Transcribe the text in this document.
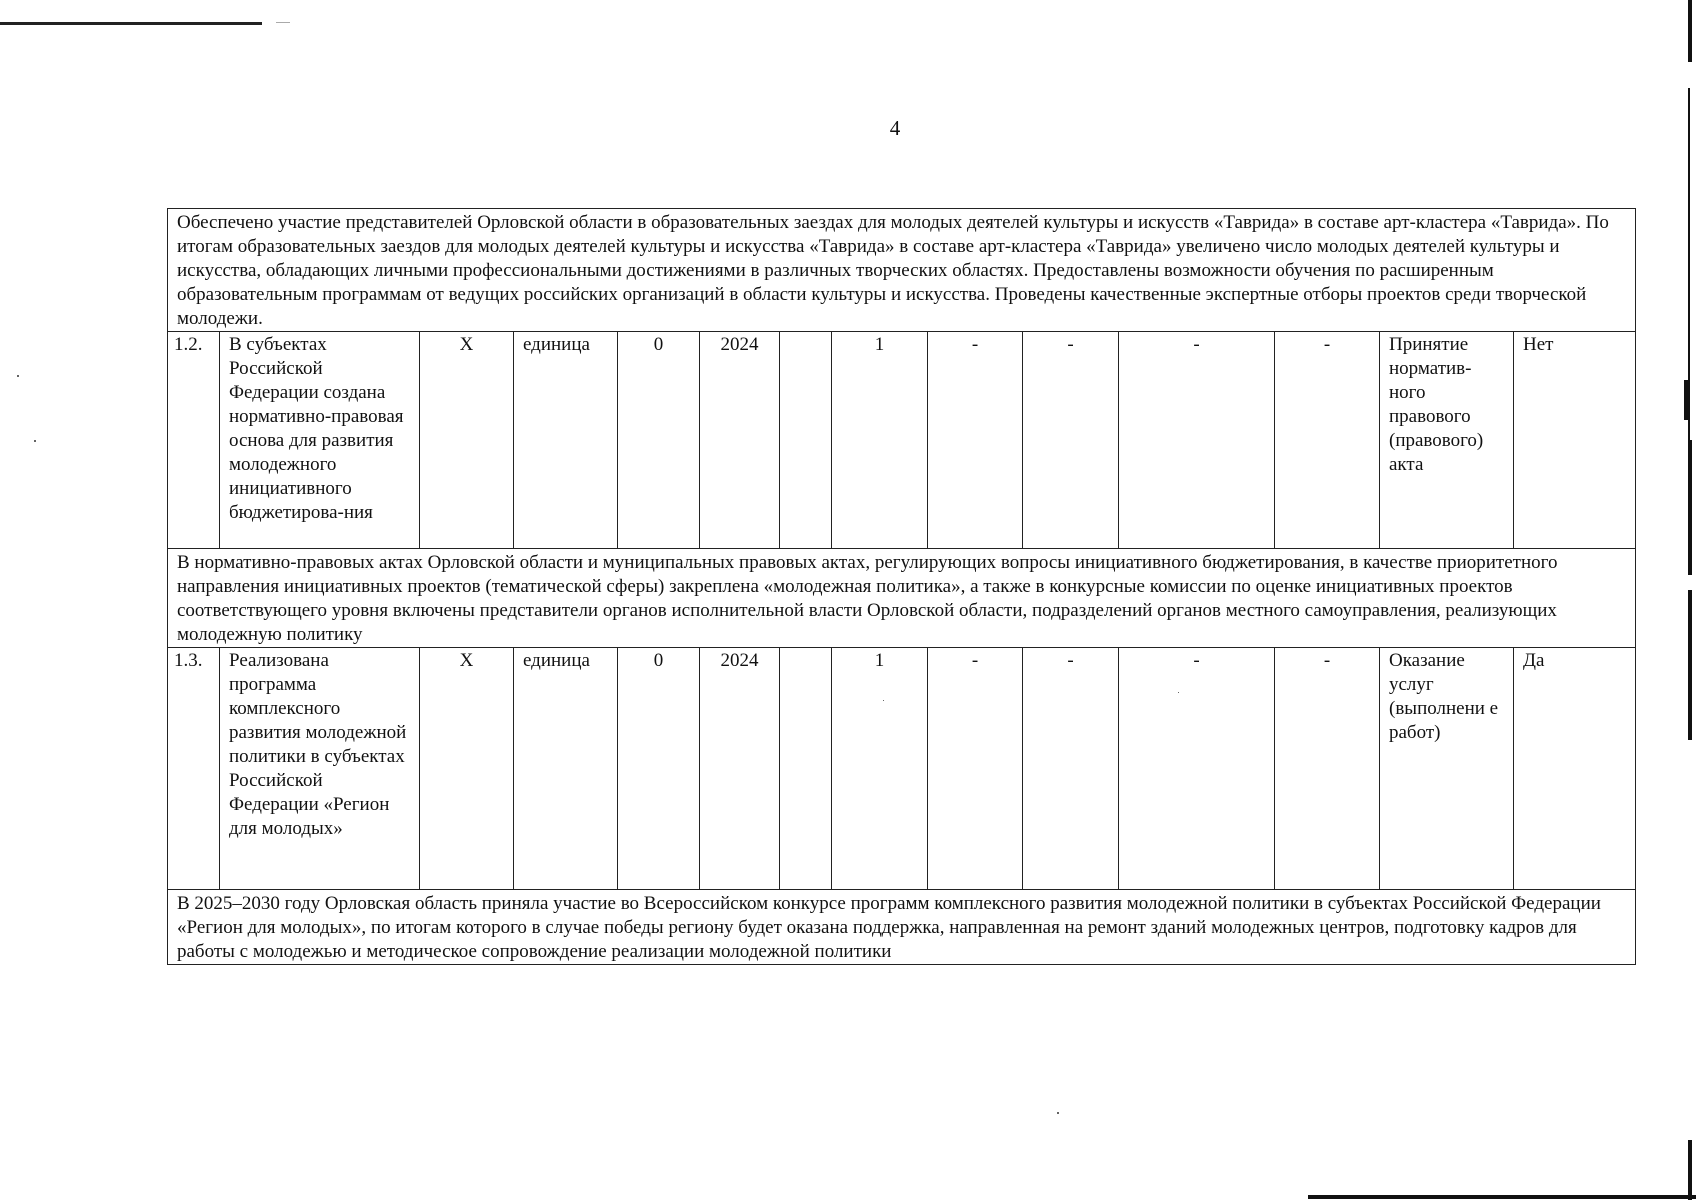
4
Обеспечено участие представителей Орловской области в образовательных заездах для молодых деятелей культуры и искусств «Таврида» в составе арт-кластера «Таврида». По итогам образовательных заездов для молодых деятелей культуры и искусства «Таврида» в составе арт-кластера «Таврида» увеличено число молодых деятелей культуры и искусства, обладающих личными профессиональными достижениями в различных творческих областях. Предоставлены возможности обучения по расширенным образовательным программам от ведущих российских организаций в области культуры и искусства. Проведены качественные экспертные отборы проектов среди творческой молодежи.													
1.2.	В субъектах Российской Федерации создана нормативно-правовая основа для развития молодежного инициативного бюджетирова-ния	X	единица	0	2024		1	-	-	-	-	Принятие норматив-ного правового (правового) акта	Нет
В нормативно-правовых актах Орловской области и муниципальных правовых актах, регулирующих вопросы инициативного бюджетирования, в качестве приоритетного направления инициативных проектов (тематической сферы) закреплена «молодежная политика», а также в конкурсные комиссии по оценке инициативных проектов соответствующего уровня включены представители органов исполнительной власти Орловской области, подразделений органов местного самоуправления, реализующих молодежную политику													
1.3.	Реализована программа комплексного развития молодежной политики в субъектах Российской Федерации «Регион для молодых»	X	единица	0	2024		1	-	-	-	-	Оказание услуг (выполнени е работ)	Да
В 2025–2030 году Орловская область приняла участие во Всероссийском конкурсе программ комплексного развития молодежной политики в субъектах Российской Федерации «Регион для молодых», по итогам которого в случае победы региону будет оказана поддержка, направленная на ремонт зданий молодежных центров, подготовку кадров для работы с молодежью и методическое сопровождение реализации молодежной политики													
